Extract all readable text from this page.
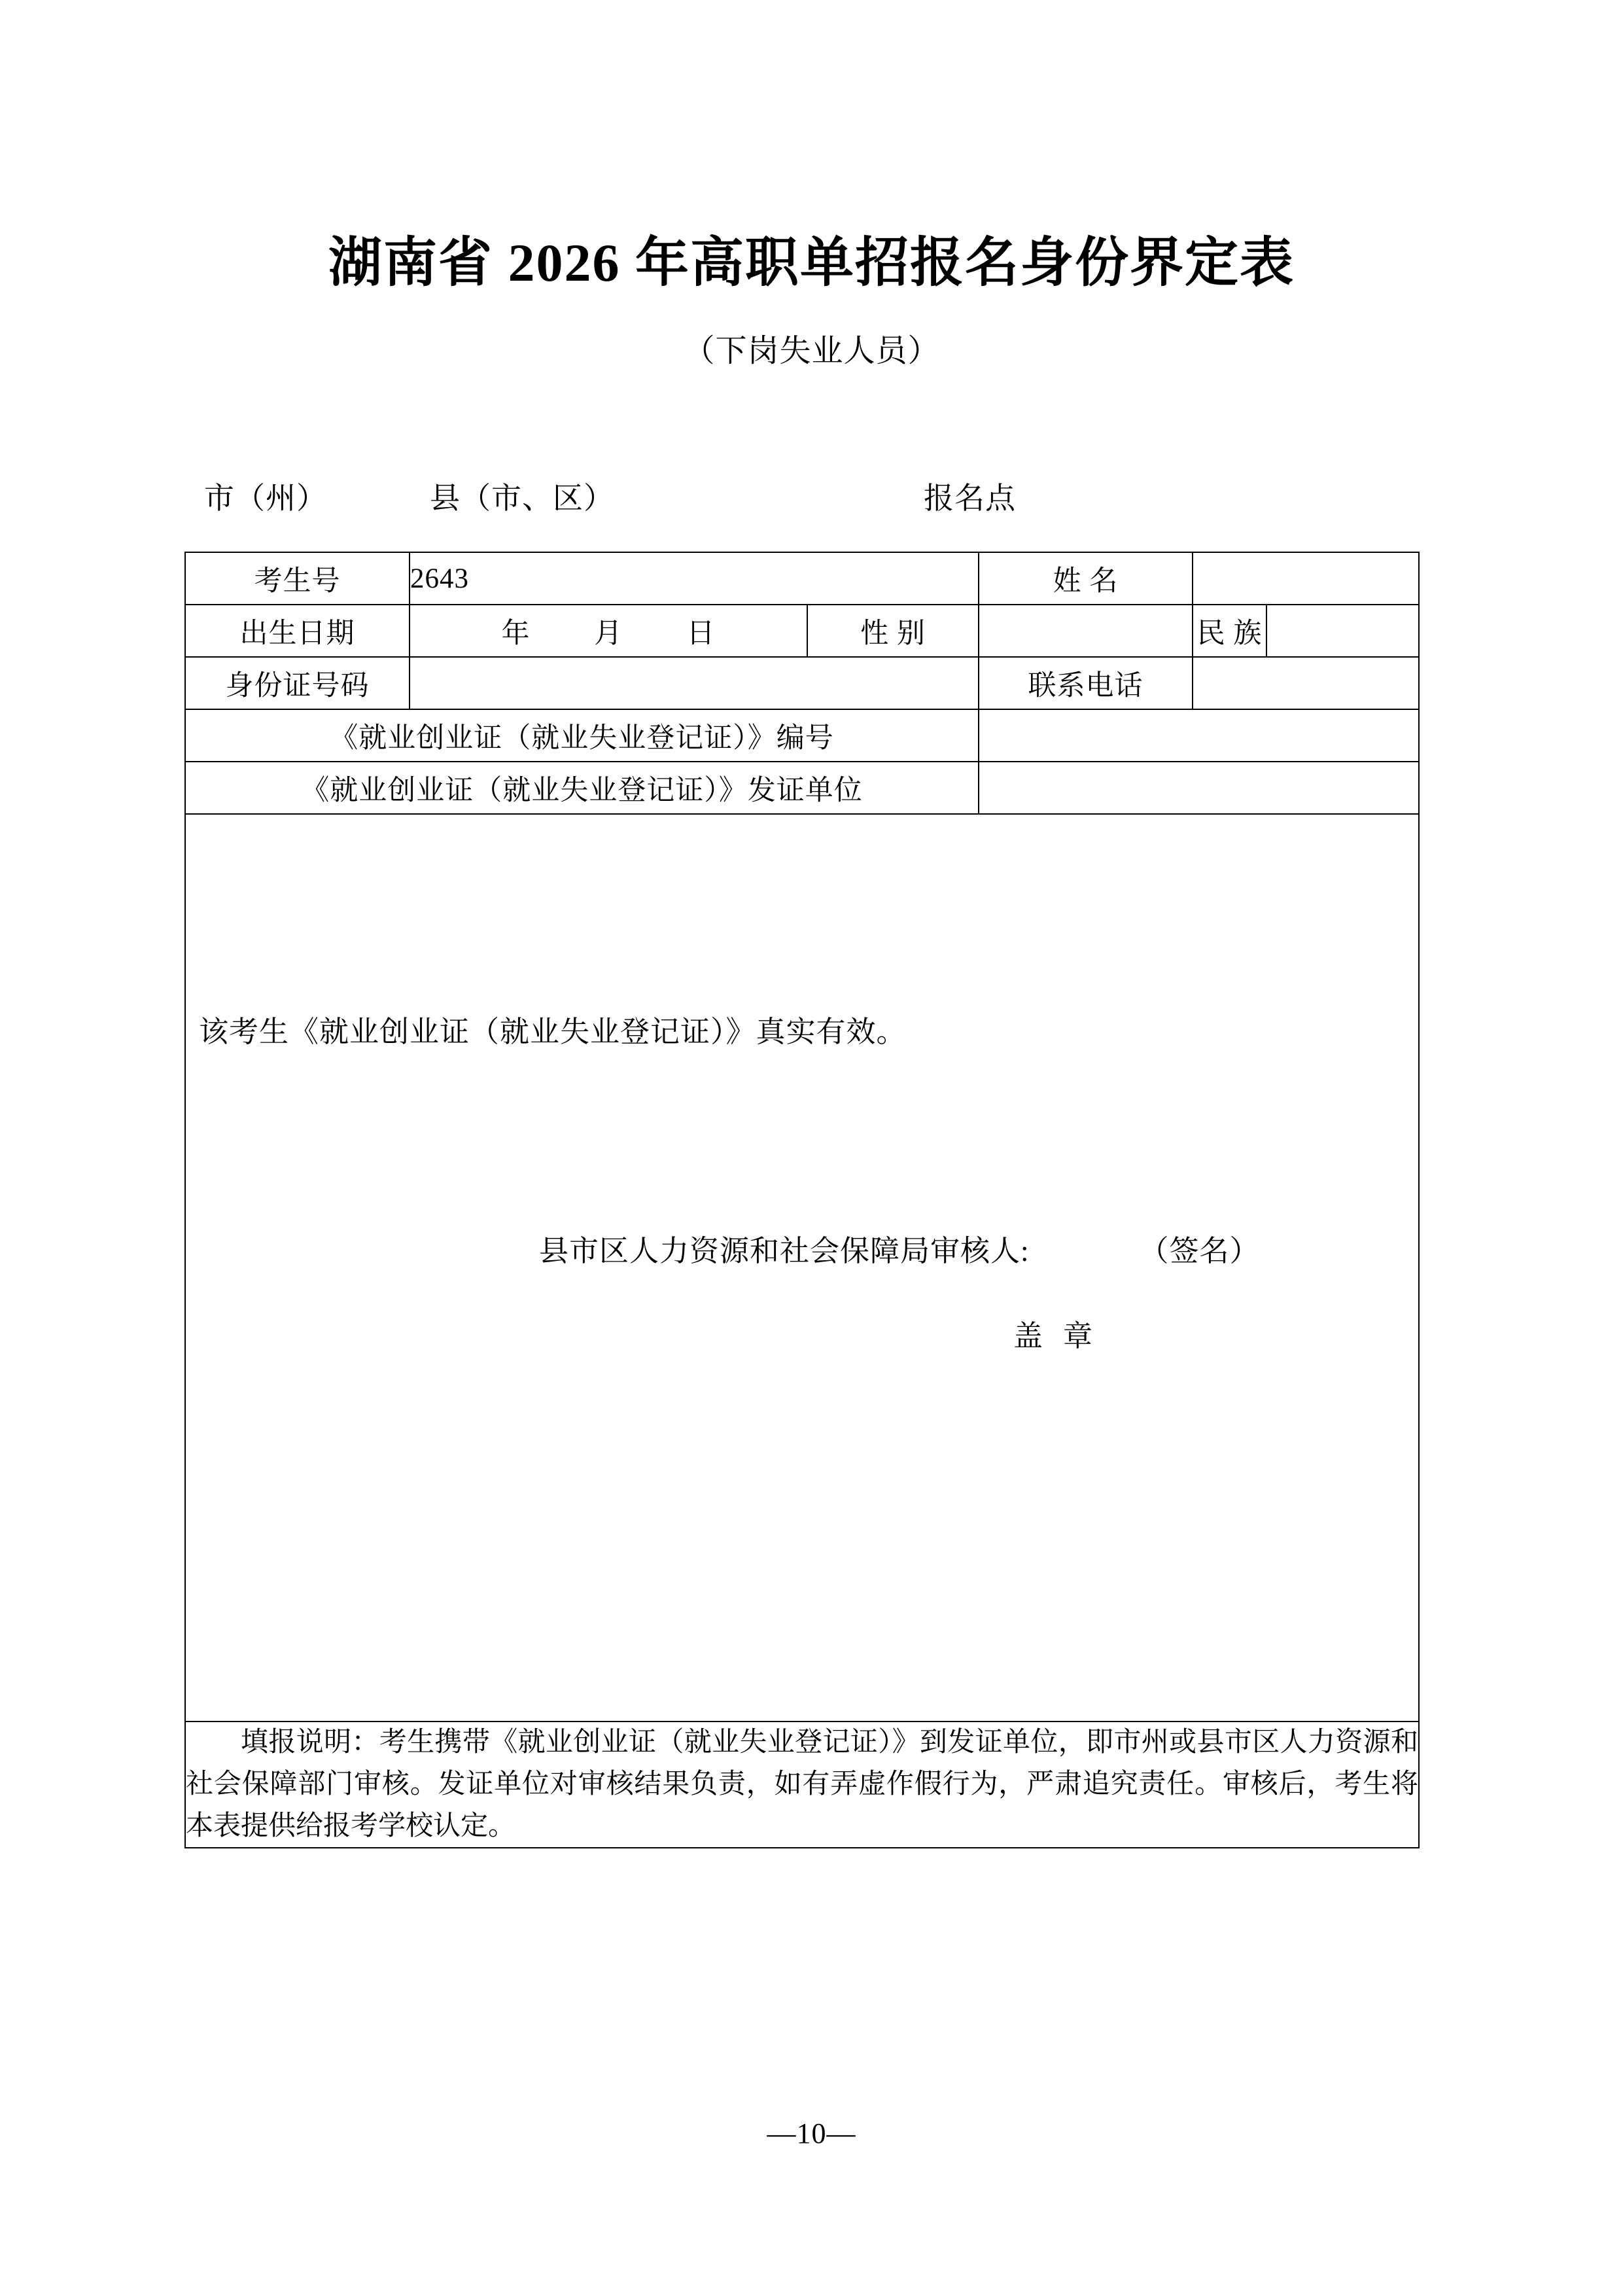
湖南省 2026 年高职单招报名身份界定表
（下岗失业人员）
市（州）	县（市、区）	报名点
考生号	2643		姓 名		
出生日期	年 月 日	性 别		民 族	
身份证号码			联系电话		
《就业创业证（就业失业登记证）》编号					
《就业创业证（就业失业登记证）》发证单位					

该考生《就业创业证（就业失业登记证）》真实有效。
县市区人力资源和社会保障局审核人: （签名）
盖 章					

填报说明：考生携带《就业创业证（就业失业登记证）》到发证单位，即市州或县市区人力资源和社会保障部门审核。发证单位对审核结果负责，如有弄虚作假行为，严肃追究责任。审核后，考生将本表提供给报考学校认定。					
—10—
